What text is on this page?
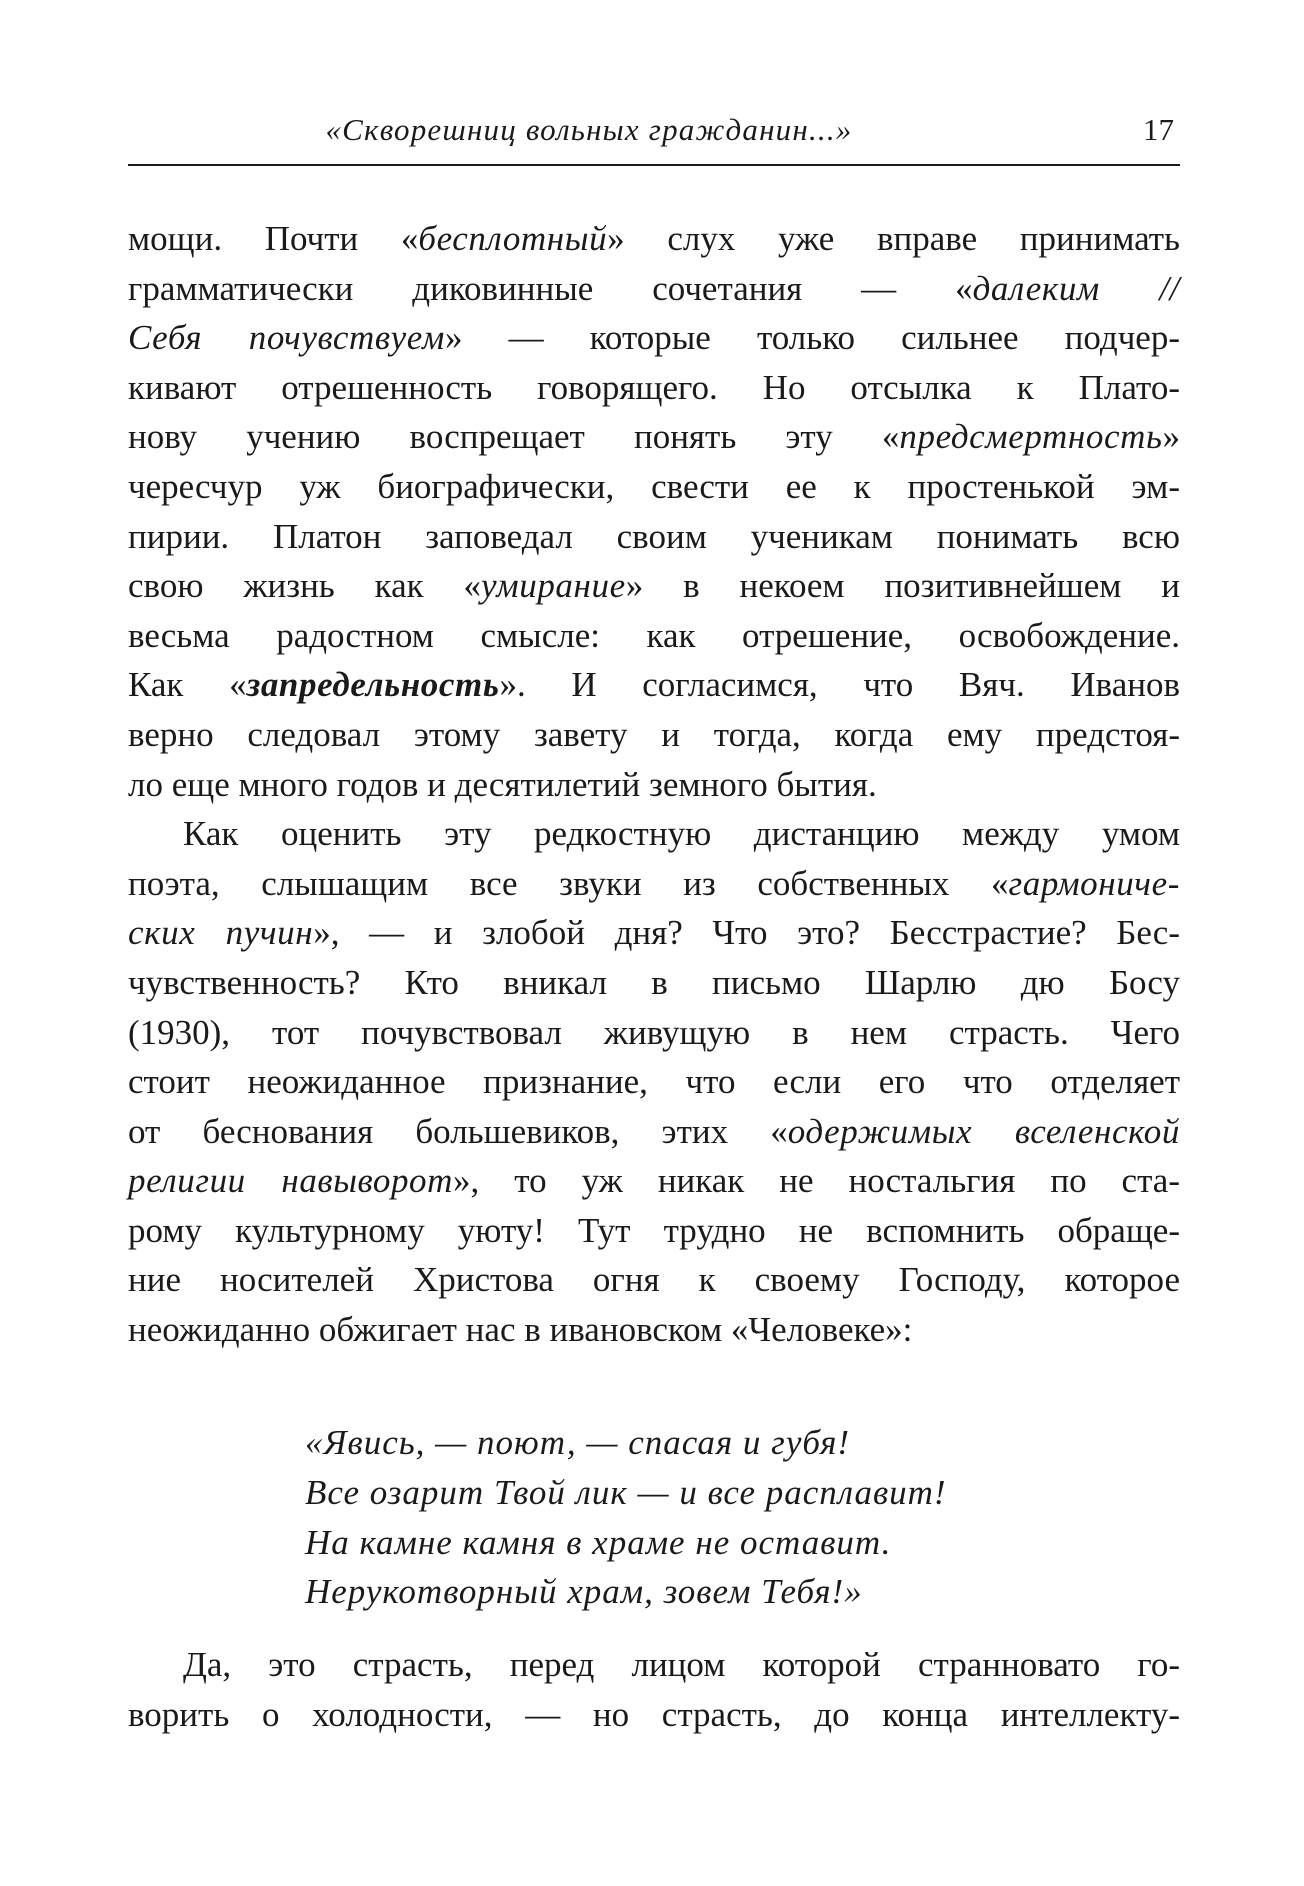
«Скворешниц вольных гражданин...»	17
мощи. Почти «бесплотный» слух уже вправе принимать
грамматически диковинные сочетания — «далеким //
Себя почувствуем» — которые только сильнее подчер-
кивают отрешенность говорящего. Но отсылка к Плато-
нову учению воспрещает понять эту «предсмертность»
чересчур уж биографически, свести ее к простенькой эм-
пирии. Платон заповедал своим ученикам понимать всю
свою жизнь как «умирание» в некоем позитивнейшем и
весьма радостном смысле: как отрешение, освобождение.
Как «запредельность». И согласимся, что Вяч. Иванов
верно следовал этому завету и тогда, когда ему предстоя-
ло еще много годов и десятилетий земного бытия.
Как оценить эту редкостную дистанцию между умом
поэта, слышащим все звуки из собственных «гармониче-
ских пучин», — и злобой дня? Что это? Бесстрастие? Бес-
чувственность? Кто вникал в письмо Шарлю дю Босу
(1930), тот почувствовал живущую в нем страсть. Чего
стоит неожиданное признание, что если его что отделяет
от беснования большевиков, этих «одержимых вселенской
религии навыворот», то уж никак не ностальгия по ста-
рому культурному уюту! Тут трудно не вспомнить обраще-
ние носителей Христова огня к своему Господу, которое
неожиданно обжигает нас в ивановском «Человеке»:
«Явись, — поют, — спасая и губя!
Все озарит Твой лик — и все расплавит!
На камне камня в храме не оставит.
Нерукотворный храм, зовем Тебя!»
Да, это страсть, перед лицом которой странновато го-
ворить о холодности, — но страсть, до конца интеллекту-
